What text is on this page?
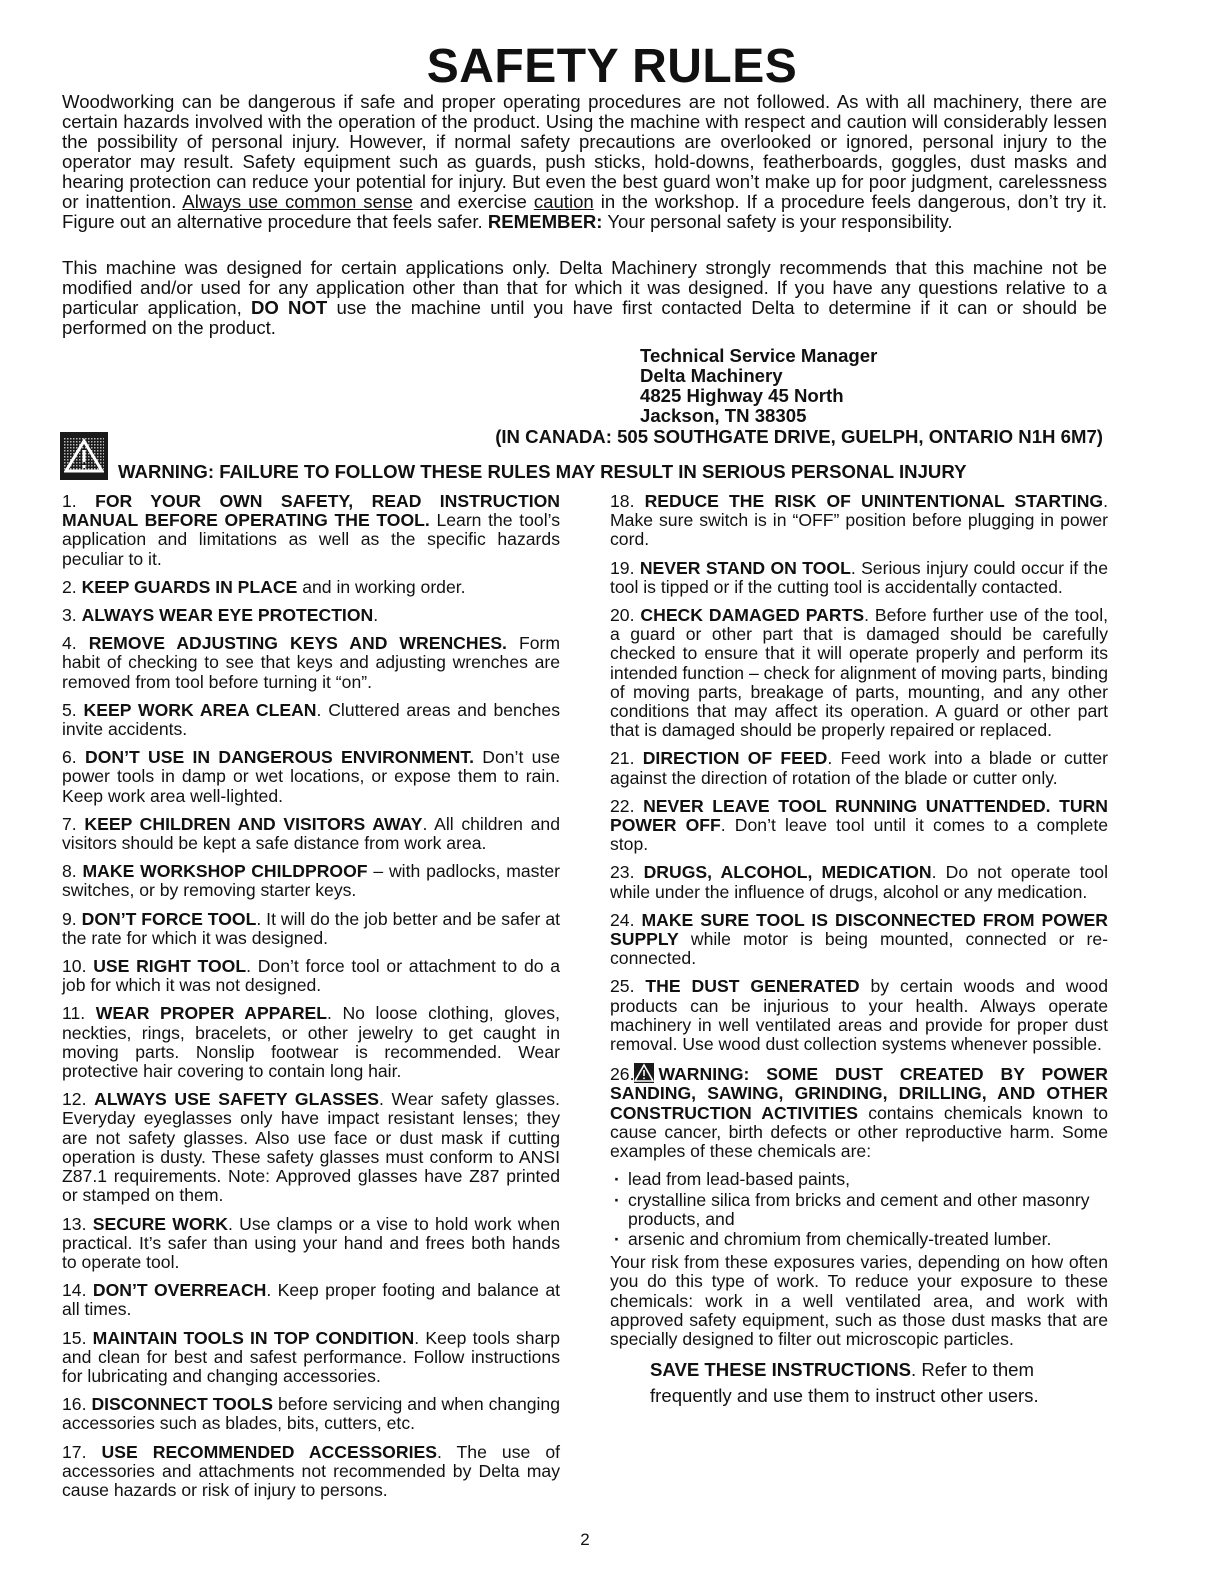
SAFETY RULES

Woodworking can be dangerous if safe and proper operating procedures are not followed. As with all machinery, there are certain hazards involved with the operation of the product. Using the machine with respect and caution will considerably lessen the possibility of personal injury. However, if normal safety precautions are overlooked or ignored, personal injury to the operator may result. Safety equipment such as guards, push sticks, hold-downs, featherboards, goggles, dust masks and hearing protection can reduce your potential for injury. But even the best guard won’t make up for poor judgment, carelessness or inattention. Always use common sense and exercise caution in the workshop. If a procedure feels dangerous, don’t try it. Figure out an alternative procedure that feels safer. REMEMBER: Your personal safety is your responsibility.

This machine was designed for certain applications only. Delta Machinery strongly recommends that this machine not be modified and/or used for any application other than that for which it was designed. If you have any questions relative to a particular application, DO NOT use the machine until you have first contacted Delta to determine if it can or should be performed on the product.

Technical Service Manager
Delta Machinery
4825 Highway 45 North
Jackson, TN 38305
(IN CANADA: 505 SOUTHGATE DRIVE, GUELPH, ONTARIO N1H 6M7)
WARNING: FAILURE TO FOLLOW THESE RULES MAY RESULT IN SERIOUS PERSONAL INJURY

1. FOR YOUR OWN SAFETY, READ INSTRUCTION MANUAL BEFORE OPERATING THE TOOL. Learn the tool’s application and limitations as well as the specific hazards peculiar to it.

2. KEEP GUARDS IN PLACE and in working order.

3. ALWAYS WEAR EYE PROTECTION.

4. REMOVE ADJUSTING KEYS AND WRENCHES. Form habit of checking to see that keys and adjusting wrenches are removed from tool before turning it “on”.

5. KEEP WORK AREA CLEAN. Cluttered areas and benches invite accidents.

6. DON’T USE IN DANGEROUS ENVIRONMENT. Don’t use power tools in damp or wet locations, or expose them to rain. Keep work area well-lighted.

7. KEEP CHILDREN AND VISITORS AWAY. All children and visitors should be kept a safe distance from work area.

8. MAKE WORKSHOP CHILDPROOF – with padlocks, master switches, or by removing starter keys.

9. DON’T FORCE TOOL. It will do the job better and be safer at the rate for which it was designed.

10. USE RIGHT TOOL. Don’t force tool or attachment to do a job for which it was not designed.

11. WEAR PROPER APPAREL. No loose clothing, gloves, neckties, rings, bracelets, or other jewelry to get caught in moving parts. Nonslip footwear is recommended. Wear protective hair covering to contain long hair.

12. ALWAYS USE SAFETY GLASSES. Wear safety glasses. Everyday eyeglasses only have impact resistant lenses; they are not safety glasses. Also use face or dust mask if cutting operation is dusty. These safety glasses must conform to ANSI Z87.1 requirements. Note: Approved glasses have Z87 printed or stamped on them.

13. SECURE WORK. Use clamps or a vise to hold work when practical. It’s safer than using your hand and frees both hands to operate tool.

14. DON’T OVERREACH. Keep proper footing and balance at all times.

15. MAINTAIN TOOLS IN TOP CONDITION. Keep tools sharp and clean for best and safest performance. Follow instructions for lubricating and changing accessories.

16. DISCONNECT TOOLS before servicing and when changing accessories such as blades, bits, cutters, etc.

17. USE RECOMMENDED ACCESSORIES. The use of accessories and attachments not recommended by Delta may cause hazards or risk of injury to persons.

18. REDUCE THE RISK OF UNINTENTIONAL STARTING. Make sure switch is in “OFF” position before plugging in power cord.

19. NEVER STAND ON TOOL. Serious injury could occur if the tool is tipped or if the cutting tool is accidentally contacted.

20. CHECK DAMAGED PARTS. Before further use of the tool, a guard or other part that is damaged should be carefully checked to ensure that it will operate properly and perform its intended function – check for alignment of moving parts, binding of moving parts, breakage of parts, mounting, and any other conditions that may affect its operation. A guard or other part that is damaged should be properly repaired or replaced.

21. DIRECTION OF FEED. Feed work into a blade or cutter against the direction of rotation of the blade or cutter only.

22. NEVER LEAVE TOOL RUNNING UNATTENDED. TURN POWER OFF. Don’t leave tool until it comes to a complete stop.

23. DRUGS, ALCOHOL, MEDICATION. Do not operate tool while under the influence of drugs, alcohol or any medication.

24. MAKE SURE TOOL IS DISCONNECTED FROM POWER SUPPLY while motor is being mounted, connected or re-connected.

25. THE DUST GENERATED by certain woods and wood products can be injurious to your health. Always operate machinery in well ventilated areas and provide for proper dust removal. Use wood dust collection systems whenever possible.

26. WARNING: SOME DUST CREATED BY POWER SANDING, SAWING, GRINDING, DRILLING, AND OTHER CONSTRUCTION ACTIVITIES contains chemicals known to cause cancer, birth defects or other reproductive harm. Some examples of these chemicals are:

· lead from lead-based paints,
· crystalline silica from bricks and cement and other masonry products, and
· arsenic and chromium from chemically-treated lumber.

Your risk from these exposures varies, depending on how often you do this type of work. To reduce your exposure to these chemicals: work in a well ventilated area, and work with approved safety equipment, such as those dust masks that are specially designed to filter out microscopic particles.

SAVE THESE INSTRUCTIONS. Refer to them frequently and use them to instruct other users.

2
